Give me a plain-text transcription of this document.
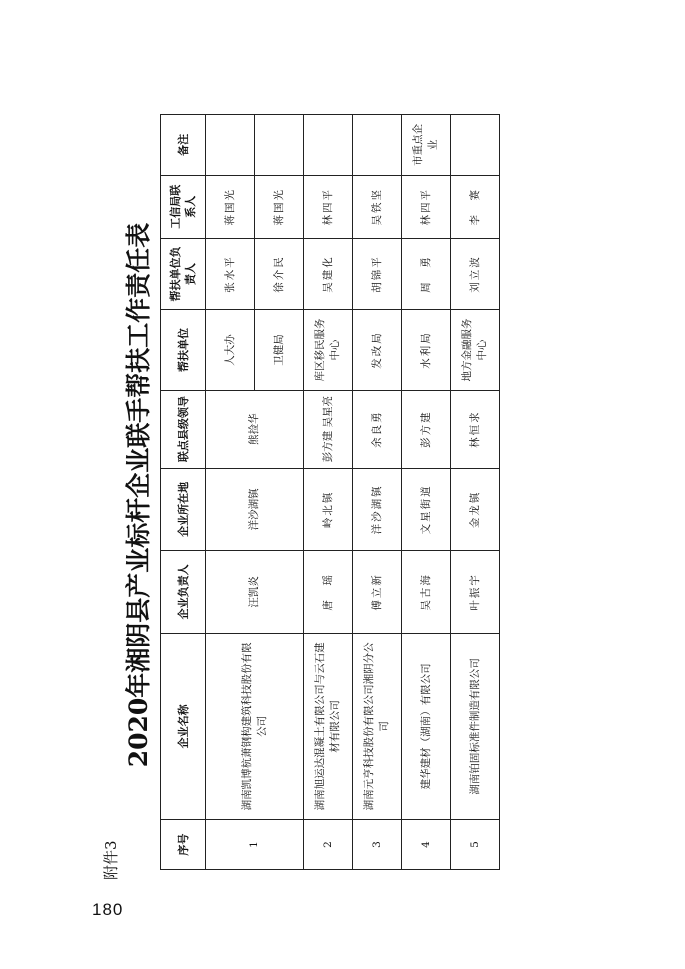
180
附件3
2020年湘阴县产业标杆企业联手帮扶工作责任表
序号	企业名称	企业负责人	企业所在地	联点县级领导	帮扶单位	帮扶单位负责人	工信局联系人	备注
1	湖南凯博杭萧钢构建筑科技股份有限公司	汪凯炎	洋沙湖镇	熊捡华	人大办	张水平	蒋国光	
					卫健局	徐介民	蒋国光	
2	湖南旭运达混凝土有限公司与云石建材有限公司	唐　瑶	岭北镇	彭方建 吴星亮	库区移民服务中心	吴建化	林四平	
3	湖南元亨科技股份有限公司湘阴分公司	傅立新	洋沙湖镇	余良勇	发改局	胡锦平	吴铁坚	
4	建华建材（湖南）有限公司	吴古海	文星街道	彭方建	水利局	周　勇	林四平	市重点企业
5	湖南铂固标准件制造有限公司	叶振宇	金龙镇	林恒求	地方金融服务中心	刘立波	李　赛	
